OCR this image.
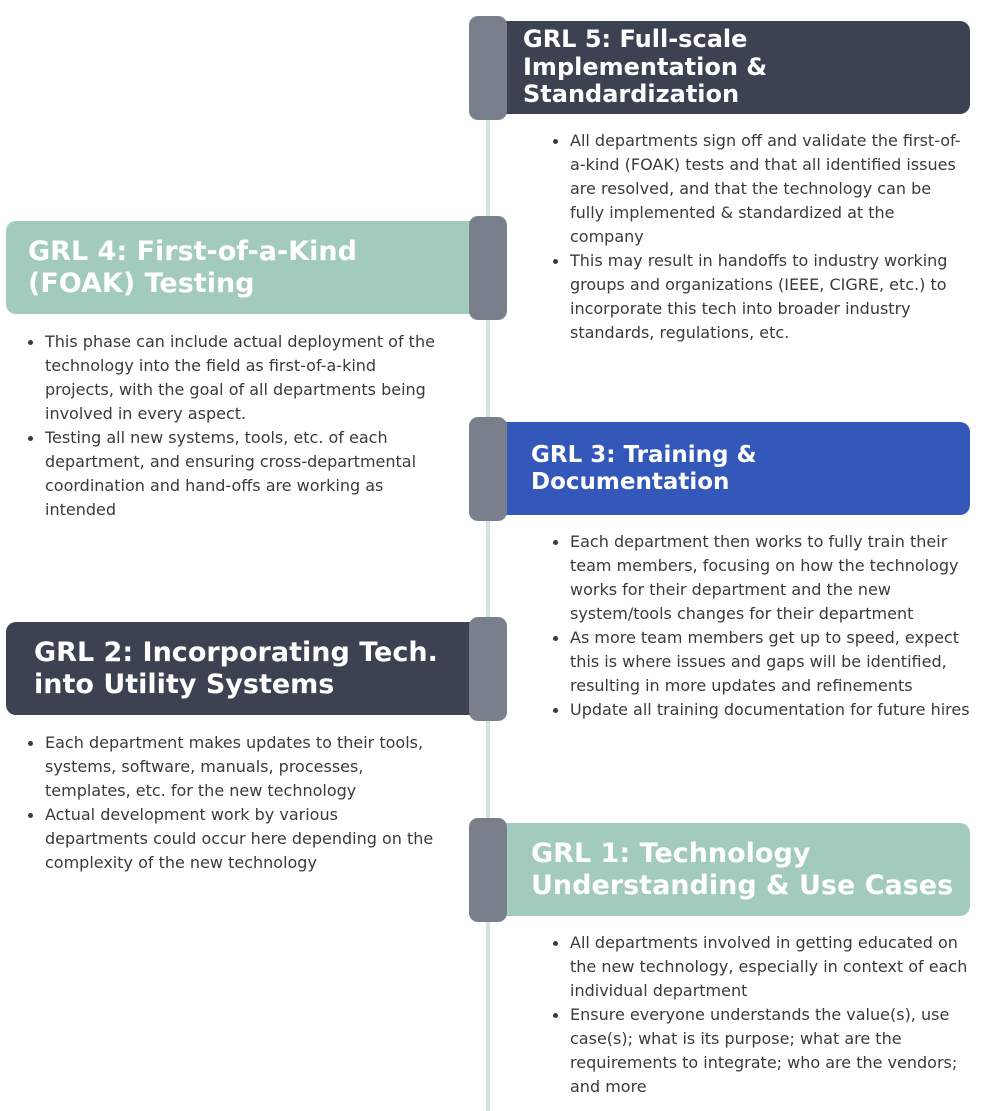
GRL 5: Full-scale Implementation & Standardization
All departments sign off and validate the first-of-a-kind (FOAK) tests and that all identified issues are resolved, and that the technology can be fully implemented & standardized at the company
This may result in handoffs to industry working groups and organizations (IEEE, CIGRE, etc.) to incorporate this tech into broader industry standards, regulations, etc.
GRL 4: First-of-a-Kind (FOAK) Testing
This phase can include actual deployment of the technology into the field as first-of-a-kind projects, with the goal of all departments being involved in every aspect.
Testing all new systems, tools, etc. of each department, and ensuring cross-departmental coordination and hand-offs are working as intended
GRL 3: Training & Documentation
Each department then works to fully train their team members, focusing on how the technology works for their department and the new system/tools changes for their department
As more team members get up to speed, expect this is where issues and gaps will be identified, resulting in more updates and refinements
Update all training documentation for future hires
GRL 2: Incorporating Tech. into Utility Systems
Each department makes updates to their tools, systems, software, manuals, processes, templates, etc. for the new technology
Actual development work by various departments could occur here depending on the complexity of the new technology	GRL 1: Technology Understanding & Use Cases
All departments involved in getting educated on the new technology, especially in context of each individual department
Ensure everyone understands the value(s), use case(s); what is its purpose; what are the requirements to integrate; who are the vendors; and more
